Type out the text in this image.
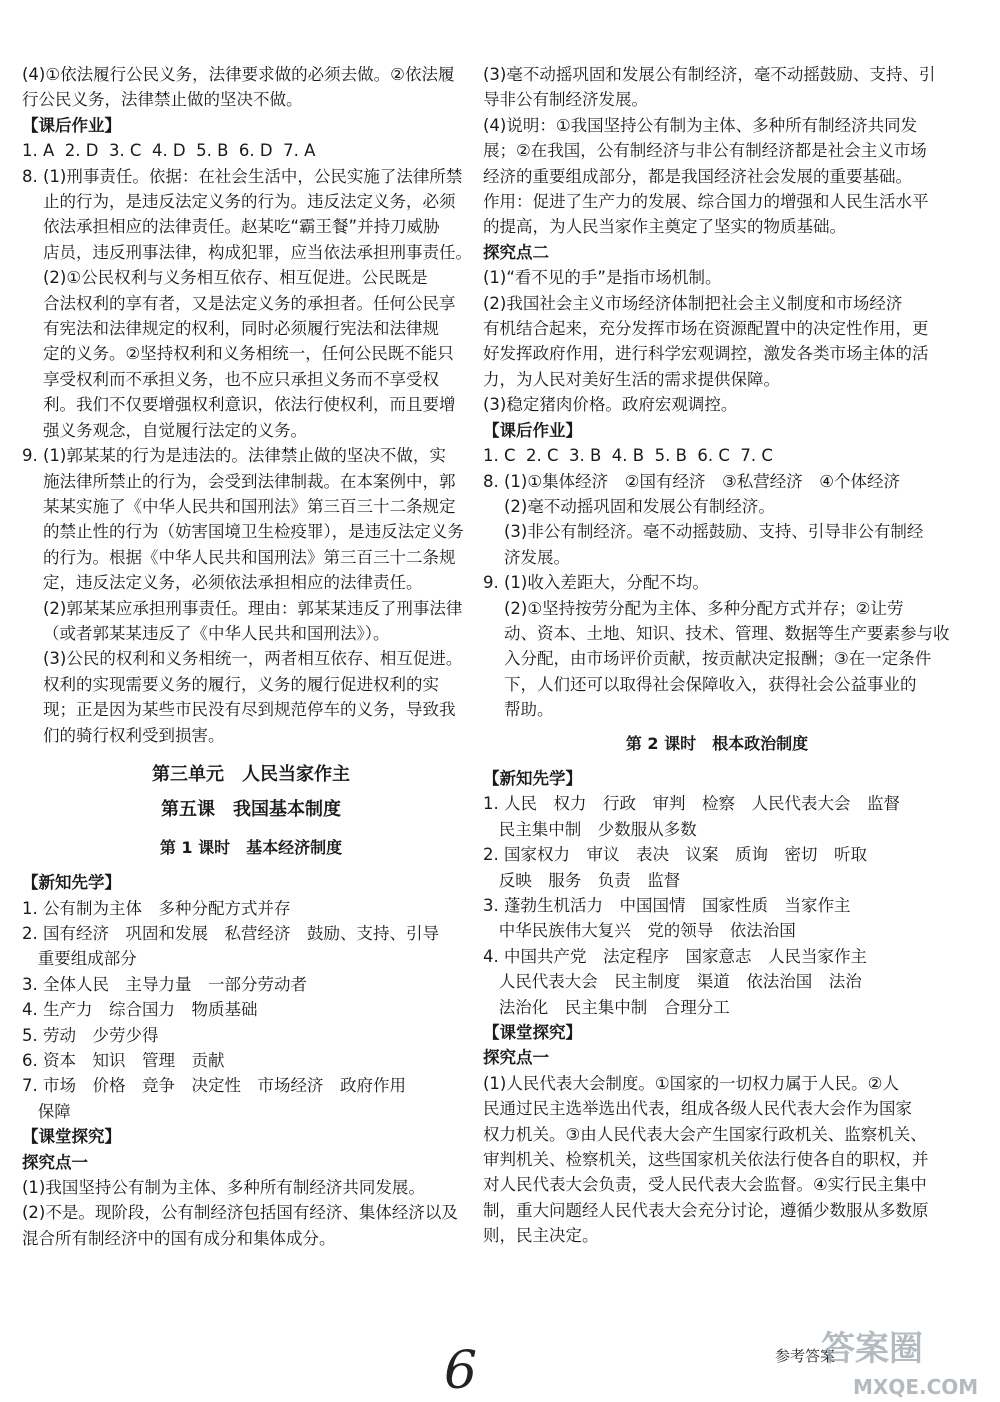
(4)①依法履行公民义务，法律要求做的必须去做。②依法履
行公民义务，法律禁止做的坚决不做。
【课后作业】
1. A  2. D  3. C  4. D  5. B  6. D  7. A
8. (1)刑事责任。依据：在社会生活中，公民实施了法律所禁
止的行为，是违反法定义务的行为。违反法定义务，必须
依法承担相应的法律责任。赵某吃“霸王餐”并持刀威胁
店员，违反刑事法律，构成犯罪，应当依法承担刑事责任。
(2)①公民权利与义务相互依存、相互促进。公民既是
合法权利的享有者，又是法定义务的承担者。任何公民享
有宪法和法律规定的权利，同时必须履行宪法和法律规
定的义务。②坚持权利和义务相统一，任何公民既不能只
享受权利而不承担义务，也不应只承担义务而不享受权
利。我们不仅要增强权利意识，依法行使权利，而且要增
强义务观念，自觉履行法定的义务。
9. (1)郭某某的行为是违法的。法律禁止做的坚决不做，实
施法律所禁止的行为，会受到法律制裁。在本案例中，郭
某某实施了《中华人民共和国刑法》第三百三十二条规定
的禁止性的行为（妨害国境卫生检疫罪），是违反法定义务
的行为。根据《中华人民共和国刑法》第三百三十二条规
定，违反法定义务，必须依法承担相应的法律责任。
(2)郭某某应承担刑事责任。理由：郭某某违反了刑事法律
（或者郭某某违反了《中华人民共和国刑法》）。
(3)公民的权利和义务相统一，两者相互依存、相互促进。
权利的实现需要义务的履行，义务的履行促进权利的实
现；正是因为某些市民没有尽到规范停车的义务，导致我
们的骑行权利受到损害。
第三单元　人民当家作主
第五课　我国基本制度
第 1 课时　基本经济制度
【新知先学】
1. 公有制为主体　多种分配方式并存
2. 国有经济　巩固和发展　私营经济　鼓励、支持、引导
重要组成部分
3. 全体人民　主导力量　一部分劳动者
4. 生产力　综合国力　物质基础
5. 劳动　少劳少得
6. 资本　知识　管理　贡献
7. 市场　价格　竞争　决定性　市场经济　政府作用
保障
【课堂探究】
探究点一
(1)我国坚持公有制为主体、多种所有制经济共同发展。
(2)不是。现阶段，公有制经济包括国有经济、集体经济以及
混合所有制经济中的国有成分和集体成分。
(3)毫不动摇巩固和发展公有制经济，毫不动摇鼓励、支持、引
导非公有制经济发展。
(4)说明：①我国坚持公有制为主体、多种所有制经济共同发
展；②在我国，公有制经济与非公有制经济都是社会主义市场
经济的重要组成部分，都是我国经济社会发展的重要基础。
作用：促进了生产力的发展、综合国力的增强和人民生活水平
的提高，为人民当家作主奠定了坚实的物质基础。
探究点二
(1)“看不见的手”是指市场机制。
(2)我国社会主义市场经济体制把社会主义制度和市场经济
有机结合起来，充分发挥市场在资源配置中的决定性作用，更
好发挥政府作用，进行科学宏观调控，激发各类市场主体的活
力，为人民对美好生活的需求提供保障。
(3)稳定猪肉价格。政府宏观调控。
【课后作业】
1. C  2. C  3. B  4. B  5. B  6. C  7. C
8. (1)①集体经济　②国有经济　③私营经济　④个体经济
(2)毫不动摇巩固和发展公有制经济。
(3)非公有制经济。毫不动摇鼓励、支持、引导非公有制经
济发展。
9. (1)收入差距大，分配不均。
(2)①坚持按劳分配为主体、多种分配方式并存；②让劳
动、资本、土地、知识、技术、管理、数据等生产要素参与收
入分配，由市场评价贡献，按贡献决定报酬；③在一定条件
下，人们还可以取得社会保障收入，获得社会公益事业的
帮助。
第 2 课时　根本政治制度
【新知先学】
1. 人民　权力　行政　审判　检察　人民代表大会　监督
民主集中制　少数服从多数
2. 国家权力　审议　表决　议案　质询　密切　听取
反映　服务　负责　监督
3. 蓬勃生机活力　中国国情　国家性质　当家作主
中华民族伟大复兴　党的领导　依法治国
4. 中国共产党　法定程序　国家意志　人民当家作主
人民代表大会　民主制度　渠道　依法治国　法治
法治化　民主集中制　合理分工
【课堂探究】
探究点一
(1)人民代表大会制度。①国家的一切权力属于人民。②人
民通过民主选举选出代表，组成各级人民代表大会作为国家
权力机关。③由人民代表大会产生国家行政机关、监察机关、
审判机关、检察机关，这些国家机关依法行使各自的职权，并
对人民代表大会负责，受人民代表大会监督。④实行民主集中
制，重大问题经人民代表大会充分讨论，遵循少数服从多数原
则，民主决定。
参考答案
6	答案圈
MXQE.COM
